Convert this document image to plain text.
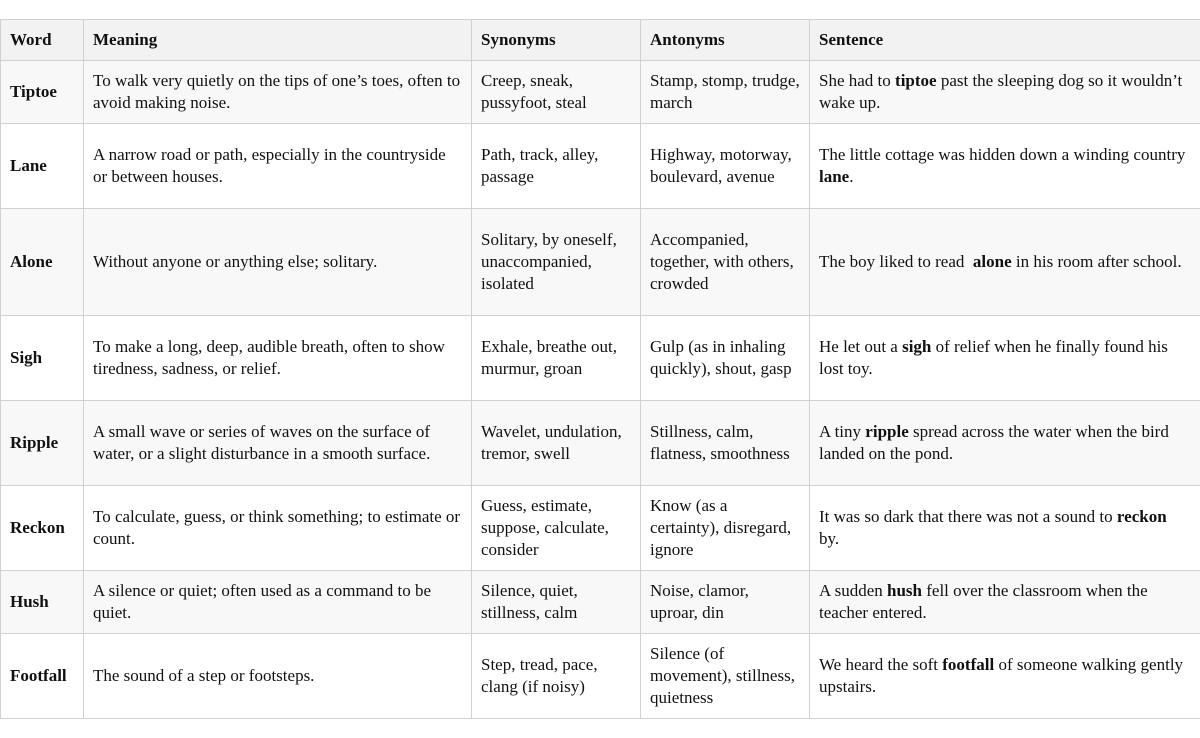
Word	Meaning	Synonyms	Antonyms	Sentence
Tiptoe	To walk very quietly on the tips of one’s toes, often to avoid making noise.	Creep, sneak, pussyfoot, steal	Stamp, stomp, trudge, march	She had to tiptoe past the sleeping dog so it wouldn’t wake up.
Lane	A narrow road or path, especially in the countryside or between houses.	Path, track, alley, passage	Highway, motorway, boulevard, avenue	The little cottage was hidden down a winding country lane.
Alone	Without anyone or anything else; solitary.	Solitary, by oneself, unaccompanied, isolated	Accompanied, together, with others, crowded	The boy liked to read  alone in his room after school.
Sigh	To make a long, deep, audible breath, often to show tiredness, sadness, or relief.	Exhale, breathe out, murmur, groan	Gulp (as in inhaling quickly), shout, gasp	He let out a sigh of relief when he finally found his lost toy.
Ripple	A small wave or series of waves on the surface of water, or a slight disturbance in a smooth surface.	Wavelet, undulation, tremor, swell	Stillness, calm, flatness, smoothness	A tiny ripple spread across the water when the bird landed on the pond.
Reckon	To calculate, guess, or think something; to estimate or count.	Guess, estimate, suppose, calculate, consider	Know (as a certainty), disregard, ignore	It was so dark that there was not a sound to reckon by.
Hush	A silence or quiet; often used as a command to be quiet.	Silence, quiet, stillness, calm	Noise, clamor, uproar, din	A sudden hush fell over the classroom when the teacher entered.
Footfall	The sound of a step or footsteps.	Step, tread, pace, clang (if noisy)	Silence (of movement), stillness, quietness	We heard the soft footfall of someone walking gently upstairs.
